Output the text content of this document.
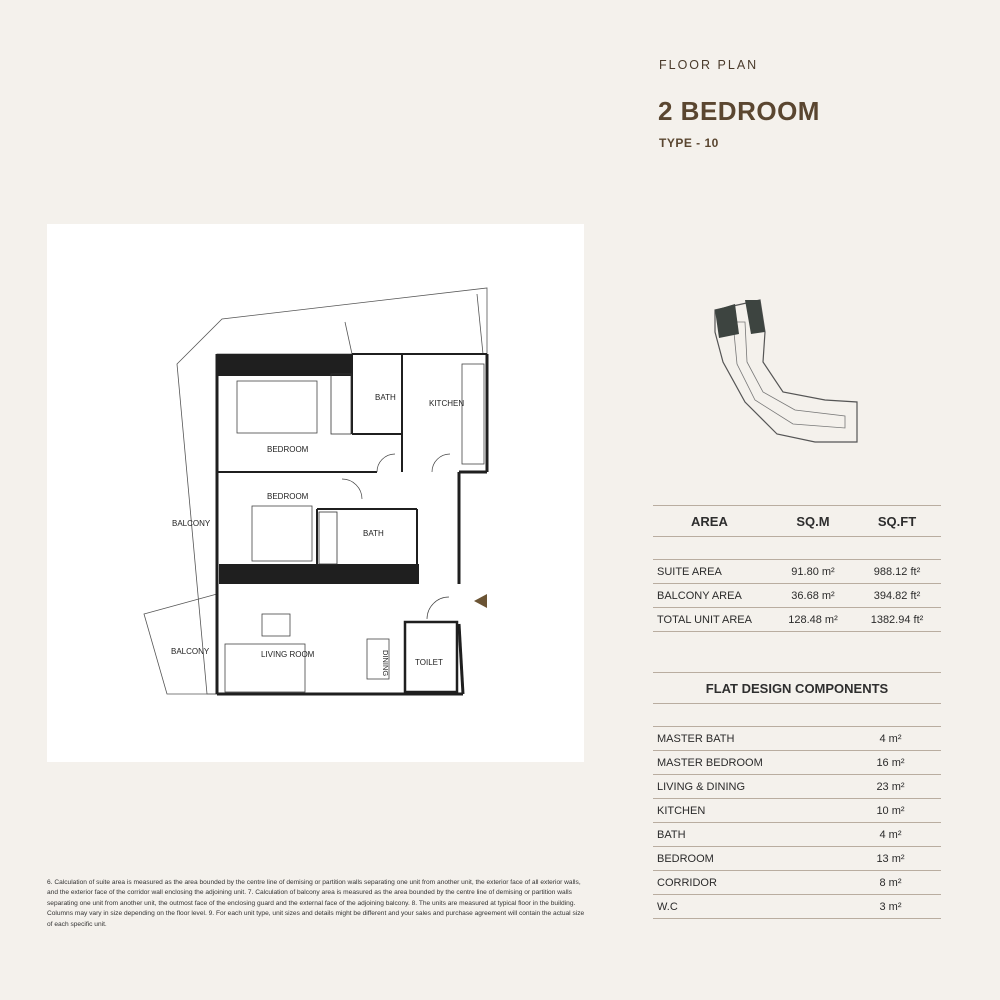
FLOOR PLAN
2 BEDROOM
TYPE - 10
BALCONY
BALCONY
BEDROOM
BEDROOM
BATH
BATH
KITCHEN
LIVING ROOM	DINING	TOILET
AREA	SQ.M	SQ.FT
SUITE AREA	91.80 m²	988.12 ft²
BALCONY AREA	36.68 m²	394.82 ft²
TOTAL UNIT AREA	128.48 m²	1382.94 ft²
FLAT DESIGN COMPONENTS
MASTER BATH	4 m²
MASTER BEDROOM	16 m²
LIVING & DINING	23 m²
KITCHEN	10 m²
BATH	4 m²
BEDROOM	13 m²
CORRIDOR	8 m²
W.C	3 m²
6. Calculation of suite area is measured as the area bounded by the centre line of demising or partition walls separating one unit from another unit, the exterior face of all exterior walls, and the exterior face of the corridor wall enclosing the adjoining unit. 7. Calculation of balcony area is measured as the area bounded by the centre line of demising or partition walls separating one unit from another unit, the outmost face of the enclosing guard and the external face of the adjoining balcony. 8. The units are measured at typical floor in the building. Columns may vary in size depending on the floor level. 9. For each unit type, unit sizes and details might be different and your sales and purchase agreement will contain the actual size of each specific unit.
